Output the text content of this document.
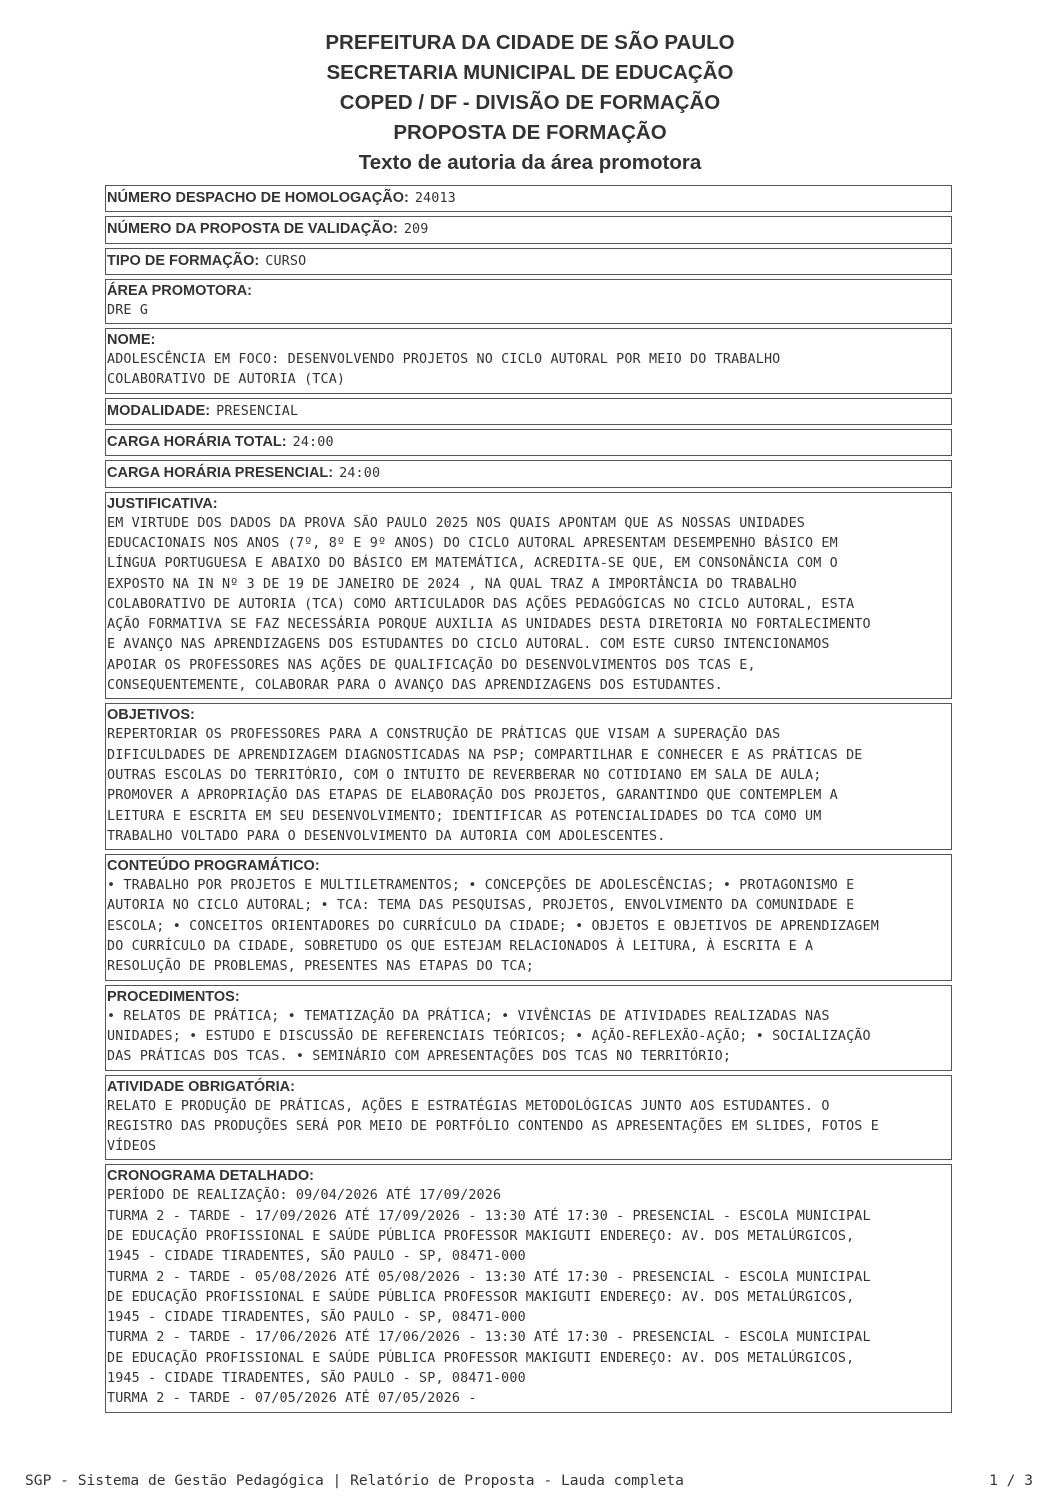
PREFEITURA DA CIDADE DE SÃO PAULO
SECRETARIA MUNICIPAL DE EDUCAÇÃO
COPED / DF - DIVISÃO DE FORMAÇÃO
PROPOSTA DE FORMAÇÃO
Texto de autoria da área promotora
NÚMERO DESPACHO DE HOMOLOGAÇÃO: 24013
NÚMERO DA PROPOSTA DE VALIDAÇÃO: 209
TIPO DE FORMAÇÃO: CURSO
ÁREA PROMOTORA:
DRE G
NOME:
ADOLESCÊNCIA EM FOCO: DESENVOLVENDO PROJETOS NO CICLO AUTORAL POR MEIO DO TRABALHO
COLABORATIVO DE AUTORIA (TCA)
MODALIDADE: PRESENCIAL
CARGA HORÁRIA TOTAL: 24:00
CARGA HORÁRIA PRESENCIAL: 24:00
JUSTIFICATIVA:
EM VIRTUDE DOS DADOS DA PROVA SÃO PAULO 2025 NOS QUAIS APONTAM QUE AS NOSSAS UNIDADES
EDUCACIONAIS NOS ANOS (7º, 8º E 9º ANOS) DO CICLO AUTORAL APRESENTAM DESEMPENHO BÁSICO EM
LÍNGUA PORTUGUESA E ABAIXO DO BÁSICO EM MATEMÁTICA, ACREDITA-SE QUE, EM CONSONÂNCIA COM O
EXPOSTO NA IN Nº 3 DE 19 DE JANEIRO DE 2024 , NA QUAL TRAZ A IMPORTÂNCIA DO TRABALHO
COLABORATIVO DE AUTORIA (TCA) COMO ARTICULADOR DAS AÇÕES PEDAGÓGICAS NO CICLO AUTORAL, ESTA
AÇÃO FORMATIVA SE FAZ NECESSÁRIA PORQUE AUXILIA AS UNIDADES DESTA DIRETORIA NO FORTALECIMENTO
E AVANÇO NAS APRENDIZAGENS DOS ESTUDANTES DO CICLO AUTORAL. COM ESTE CURSO INTENCIONAMOS
APOIAR OS PROFESSORES NAS AÇÕES DE QUALIFICAÇÃO DO DESENVOLVIMENTOS DOS TCAS E,
CONSEQUENTEMENTE, COLABORAR PARA O AVANÇO DAS APRENDIZAGENS DOS ESTUDANTES.
OBJETIVOS:
REPERTORIAR OS PROFESSORES PARA A CONSTRUÇÃO DE PRÁTICAS QUE VISAM A SUPERAÇÃO DAS
DIFICULDADES DE APRENDIZAGEM DIAGNOSTICADAS NA PSP; COMPARTILHAR E CONHECER E AS PRÁTICAS DE
OUTRAS ESCOLAS DO TERRITÓRIO, COM O INTUITO DE REVERBERAR NO COTIDIANO EM SALA DE AULA;
PROMOVER A APROPRIAÇÃO DAS ETAPAS DE ELABORAÇÃO DOS PROJETOS, GARANTINDO QUE CONTEMPLEM A
LEITURA E ESCRITA EM SEU DESENVOLVIMENTO; IDENTIFICAR AS POTENCIALIDADES DO TCA COMO UM
TRABALHO VOLTADO PARA O DESENVOLVIMENTO DA AUTORIA COM ADOLESCENTES.
CONTEÚDO PROGRAMÁTICO:
• TRABALHO POR PROJETOS E MULTILETRAMENTOS; • CONCEPÇÕES DE ADOLESCÊNCIAS; • PROTAGONISMO E
AUTORIA NO CICLO AUTORAL; • TCA: TEMA DAS PESQUISAS, PROJETOS, ENVOLVIMENTO DA COMUNIDADE E
ESCOLA; • CONCEITOS ORIENTADORES DO CURRÍCULO DA CIDADE; • OBJETOS E OBJETIVOS DE APRENDIZAGEM
DO CURRÍCULO DA CIDADE, SOBRETUDO OS QUE ESTEJAM RELACIONADOS À LEITURA, À ESCRITA E A
RESOLUÇÃO DE PROBLEMAS, PRESENTES NAS ETAPAS DO TCA;
PROCEDIMENTOS:
• RELATOS DE PRÁTICA; • TEMATIZAÇÃO DA PRÁTICA; • VIVÊNCIAS DE ATIVIDADES REALIZADAS NAS
UNIDADES; • ESTUDO E DISCUSSÃO DE REFERENCIAIS TEÓRICOS; • AÇÃO-REFLEXÃO-AÇÃO; • SOCIALIZAÇÃO
DAS PRÁTICAS DOS TCAS. • SEMINÁRIO COM APRESENTAÇÕES DOS TCAS NO TERRITÓRIO;
ATIVIDADE OBRIGATÓRIA:
RELATO E PRODUÇÃO DE PRÁTICAS, AÇÕES E ESTRATÉGIAS METODOLÓGICAS JUNTO AOS ESTUDANTES. O
REGISTRO DAS PRODUÇÕES SERÁ POR MEIO DE PORTFÓLIO CONTENDO AS APRESENTAÇÕES EM SLIDES, FOTOS E
VÍDEOS
CRONOGRAMA DETALHADO:
PERÍODO DE REALIZAÇÃO: 09/04/2026 ATÉ 17/09/2026
TURMA 2 - TARDE - 17/09/2026 ATÉ 17/09/2026 - 13:30 ATÉ 17:30 - PRESENCIAL - ESCOLA MUNICIPAL
DE EDUCAÇÃO PROFISSIONAL E SAÚDE PÚBLICA PROFESSOR MAKIGUTI ENDEREÇO: AV. DOS METALÚRGICOS,
1945 - CIDADE TIRADENTES, SÃO PAULO - SP, 08471-000
TURMA 2 - TARDE - 05/08/2026 ATÉ 05/08/2026 - 13:30 ATÉ 17:30 - PRESENCIAL - ESCOLA MUNICIPAL
DE EDUCAÇÃO PROFISSIONAL E SAÚDE PÚBLICA PROFESSOR MAKIGUTI ENDEREÇO: AV. DOS METALÚRGICOS,
1945 - CIDADE TIRADENTES, SÃO PAULO - SP, 08471-000
TURMA 2 - TARDE - 17/06/2026 ATÉ 17/06/2026 - 13:30 ATÉ 17:30 - PRESENCIAL - ESCOLA MUNICIPAL
DE EDUCAÇÃO PROFISSIONAL E SAÚDE PÚBLICA PROFESSOR MAKIGUTI ENDEREÇO: AV. DOS METALÚRGICOS,
1945 - CIDADE TIRADENTES, SÃO PAULO - SP, 08471-000
TURMA 2 - TARDE - 07/05/2026 ATÉ 07/05/2026 -
SGP - Sistema de Gestão Pedagógica | Relatório de Proposta - Lauda completa	1 / 3
